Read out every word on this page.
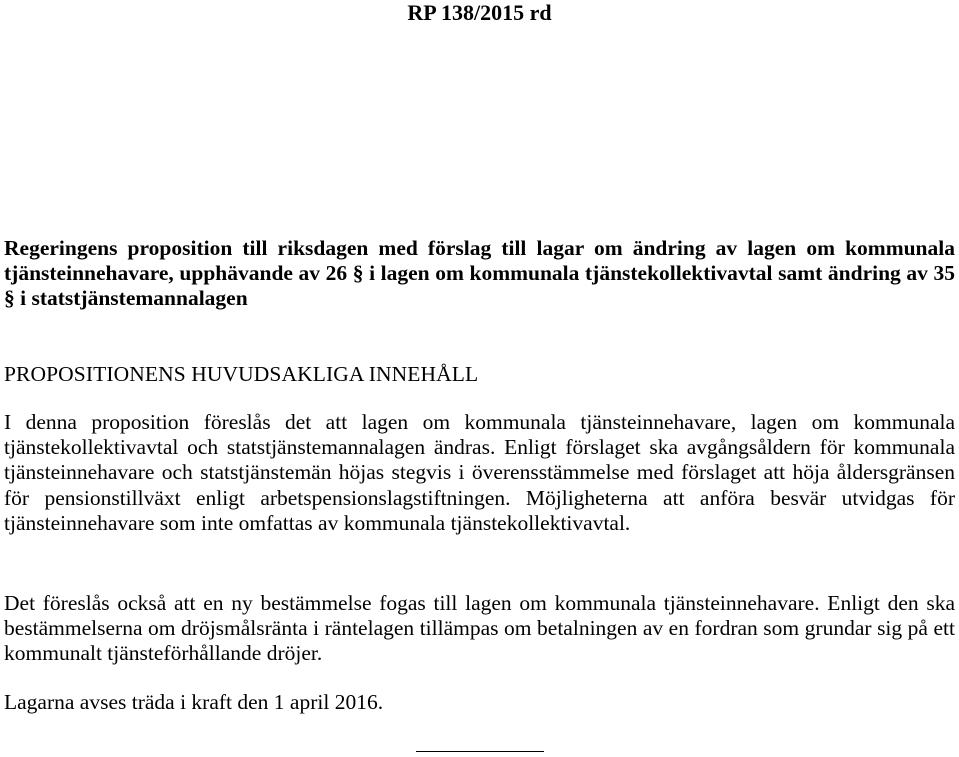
RP 138/2015 rd
Regeringens proposition till riksdagen med förslag till lagar om ändring av lagen om kommunala tjänsteinnehavare, upphävande av 26 § i lagen om kommunala tjänstekollektivavtal samt ändring av 35 § i statstjänstemannalagen
PROPOSITIONENS HUVUDSAKLIGA INNEHÅLL

I denna proposition föreslås det att lagen om kommunala tjänsteinnehavare, lagen om kommunala tjänstekollektivavtal och statstjänstemannalagen ändras. Enligt förslaget ska avgångsåldern för kommunala tjänsteinnehavare och statstjänstemän höjas stegvis i överensstämmelse med förslaget att höja åldersgränsen för pensionstillväxt enligt arbetspensionslagstiftningen. Möjligheterna att anföra besvär utvidgas för tjänsteinnehavare som inte omfattas av kommunala tjänstekollektivavtal.

Det föreslås också att en ny bestämmelse fogas till lagen om kommunala tjänsteinnehavare. Enligt den ska bestämmelserna om dröjsmålsränta i räntelagen tillämpas om betalningen av en fordran som grundar sig på ett kommunalt tjänsteförhållande dröjer.

Lagarna avses träda i kraft den 1 april 2016.
